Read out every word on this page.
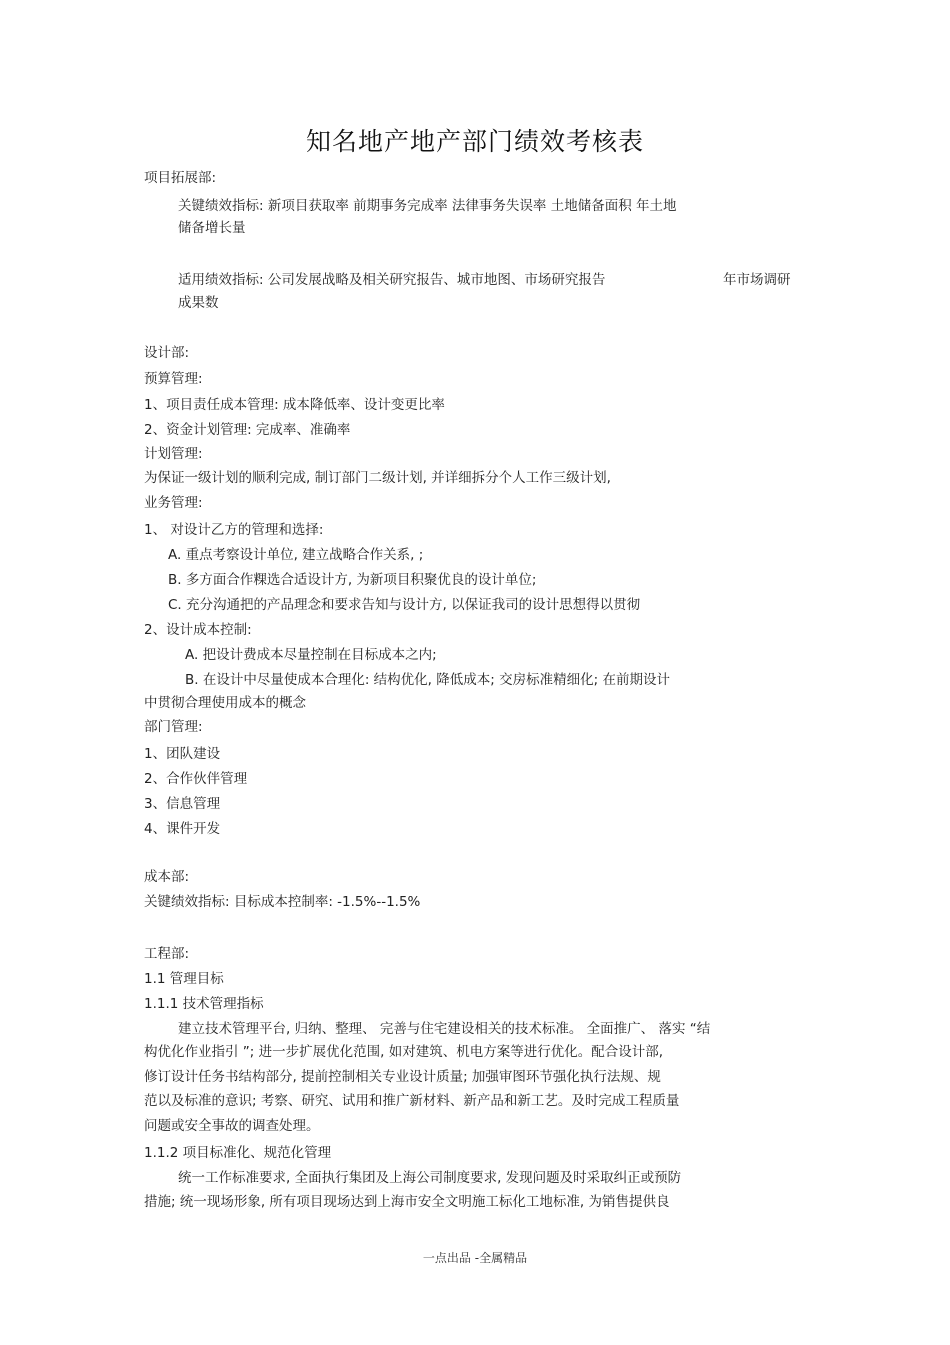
知名地产地产部门绩效考核表
项目拓展部:
关键绩效指标: 新项目获取率 前期事务完成率 法律事务失误率 土地储备面积 年土地
储备增长量
适用绩效指标: 公司发展战略及相关研究报告、城市地图、市场研究报告	年市场调研
成果数
设计部:
预算管理:
1、项目责任成本管理: 成本降低率、设计变更比率
2、资金计划管理: 完成率、准确率
计划管理:
为保证一级计划的顺利完成, 制订部门二级计划, 并详细拆分个人工作三级计划,
业务管理:
1、 对设计乙方的管理和选择:
A. 重点考察设计单位, 建立战略合作关系, ;
B. 多方面合作粿选合适设计方, 为新项目积聚优良的设计单位;
C. 充分沟通把的产品理念和要求告知与设计方, 以保证我司的设计思想得以贯彻
2、设计成本控制:
A. 把设计费成本尽量控制在目标成本之内;
B. 在设计中尽量使成本合理化: 结构优化, 降低成本; 交房标准精细化; 在前期设计
中贯彻合理使用成本的概念
部门管理:
1、团队建设
2、合作伙伴管理
3、信息管理
4、课件开发
成本部:
关键绩效指标: 目标成本控制率: -1.5%--1.5%
工程部:
1.1 管理目标
1.1.1 技术管理指标
建立技术管理平台, 归纳、整理、 完善与住宅建设相关的技术标准。 全面推广、 落实 “结
构优化作业指引 ”; 进一步扩展优化范围, 如对建筑、机电方案等进行优化。配合设计部,
修订设计任务书结构部分, 提前控制相关专业设计质量; 加强审图环节强化执行法规、规
范以及标准的意识; 考察、研究、试用和推广新材料、新产品和新工艺。及时完成工程质量
问题或安全事故的调查处理。
1.1.2 项目标准化、规范化管理
统一工作标准要求, 全面执行集团及上海公司制度要求, 发现问题及时采取纠正或预防
措施; 统一现场形象, 所有项目现场达到上海市安全文明施工标化工地标准, 为销售提供良
一点出品 -全属精品
